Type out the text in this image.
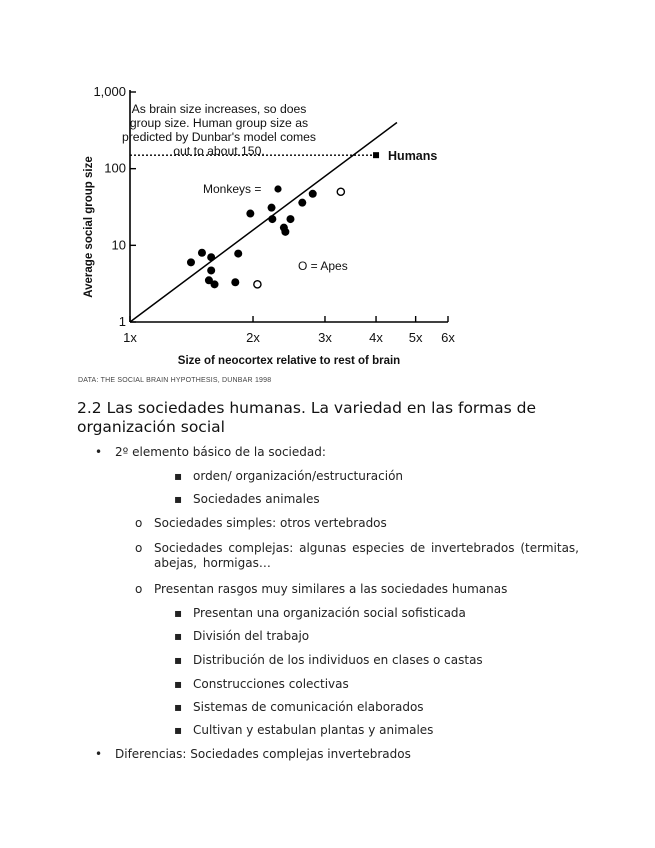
1
10
100
1,000
1x	2x	3x	4x 5x 6x
Size of neocortex relative to rest of brain
Average social group size
Humans
As brain size increases, so does
group size. Human group size as
predicted by Dunbar's model comes
out to about 150.
Monkeys =
O = Apes
DATA: THE SOCIAL BRAIN HYPOTHESIS, DUNBAR 1998
2.2 Las sociedades humanas. La variedad en las formas de organización social
• 2º elemento básico de la sociedad:
▪ orden/ organización/estructuración
▪ Sociedades animales
o Sociedades simples: otros vertebrados
o Sociedades complejas: algunas especies de invertebrados (termitas, abejas, hormigas…
o Presentan rasgos muy similares a las sociedades humanas
▪ Presentan una organización social sofisticada
▪ División del trabajo
▪ Distribución de los individuos en clases o castas
▪ Construcciones colectivas
▪ Sistemas de comunicación elaborados
▪ Cultivan y estabulan plantas y animales
• Diferencias: Sociedades complejas invertebrados
